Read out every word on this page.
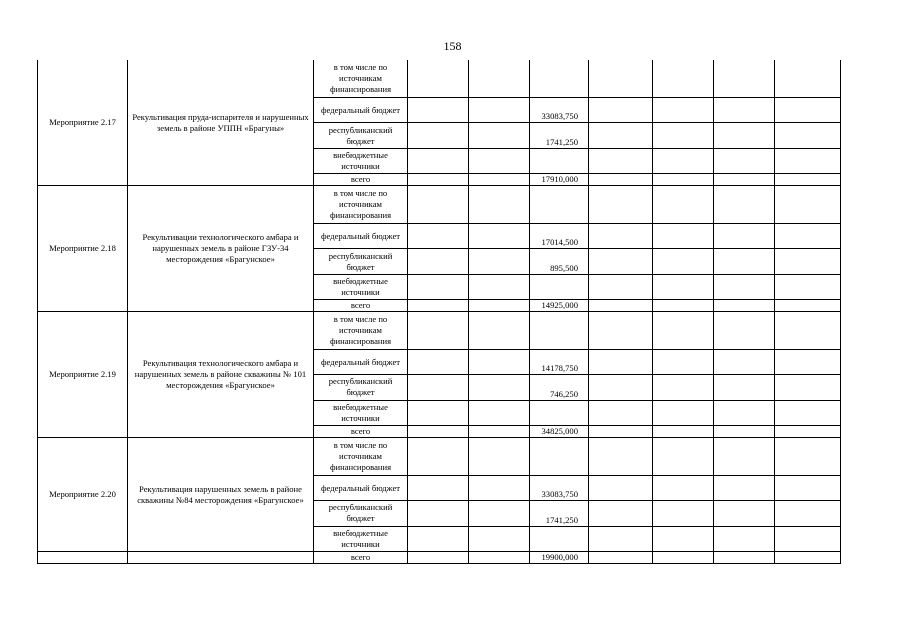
158
Мероприятие 2.17	Рекультивация пруда-испарителя и нарушенных земель в районе УППН «Брагуны»	в том числе по источникам финансирования							
		федеральный бюджет			33083,750				
		республиканский бюджет			1741,250				
		внебюджетные источники							
		всего			17910,000				
Мероприятие 2.18	Рекультивации технологического амбара и нарушенных земель в районе ГЗУ-34 месторождения «Брагунское»	в том числе по источникам финансирования							
		федеральный бюджет			17014,500				
		республиканский бюджет			895,500				
		внебюджетные источники							
		всего			14925,000				
Мероприятие 2.19	Рекультивация технологического амбара и нарушенных земель в районе скважины № 101 месторождения «Брагунское»	в том числе по источникам финансирования							
		федеральный бюджет			14178,750				
		республиканский бюджет			746,250				
		внебюджетные источники							
		всего			34825,000				
Мероприятие 2.20	Рекультивация нарушенных земель в районе скважины №84 месторождения «Брагунское»	в том числе по источникам финансирования							
		федеральный бюджет			33083,750				
		республиканский бюджет			1741,250				
		внебюджетные источники							
		всего			19900,000				
